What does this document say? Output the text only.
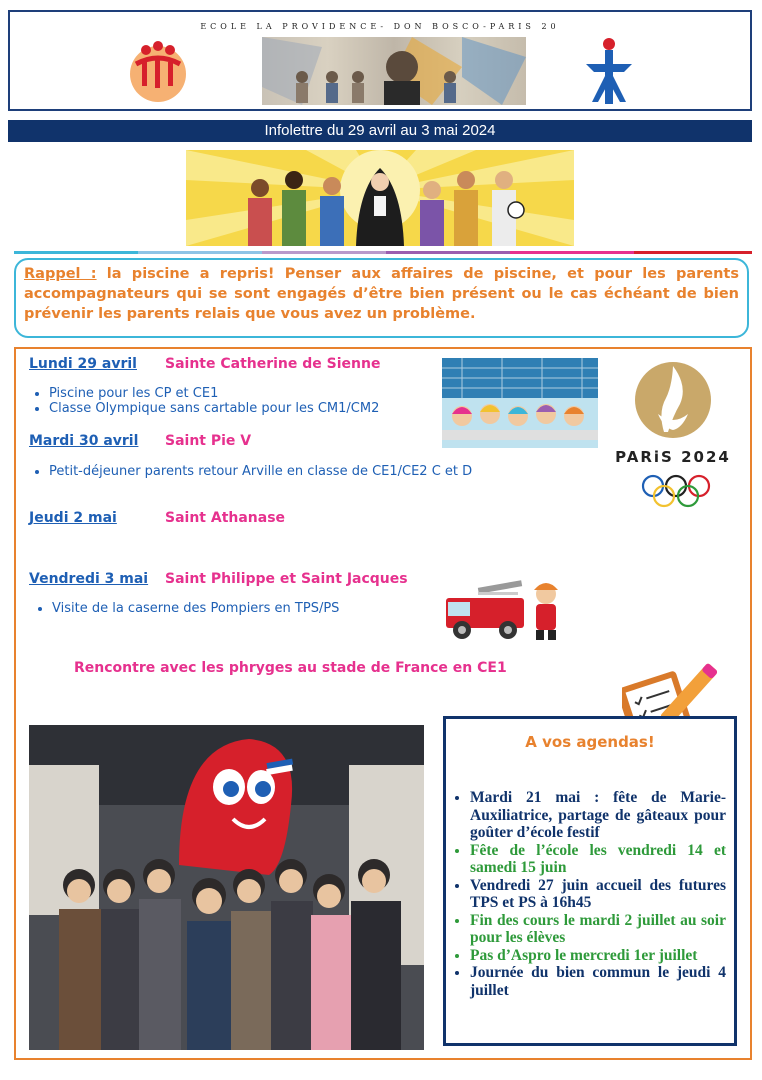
ECOLE LA PROVIDENCE- DON BOSCO-PARIS 20
Infolettre du 29 avril au 3 mai 2024
Rappel : la piscine a repris! Penser aux affaires de piscine, et pour les parents accompagnateurs qui se sont engagés d’être bien présent ou le cas échéant de bien prévenir les parents relais que vous avez un problème.
Lundi 29 avril Sainte Catherine de Sienne
• Piscine pour les CP et CE1
• Classe Olympique sans cartable pour les CM1/CM2
Mardi 30 avril Saint Pie V
• Petit-déjeuner parents retour Arville en classe de CE1/CE2 C et D
Jeudi 2 mai	Saint Athanase
Vendredi 3 mai Saint Philippe et Saint Jacques
• Visite de la caserne des Pompiers en TPS/PS
PARiS 2024
Rencontre avec les phryges au stade de France en CE1
A vos agendas!
• Mardi 21 mai : fête de Marie-Auxiliatrice, partage de gâteaux pour goûter d’école festif
• Fête de l’école les vendredi 14 et samedi 15 juin
• Vendredi 27 juin accueil des futures TPS et PS à 16h45
• Fin des cours le mardi 2 juillet au soir pour les élèves
• Pas d’Aspro le mercredi 1er juillet
• Journée du bien commun le jeudi 4 juillet
